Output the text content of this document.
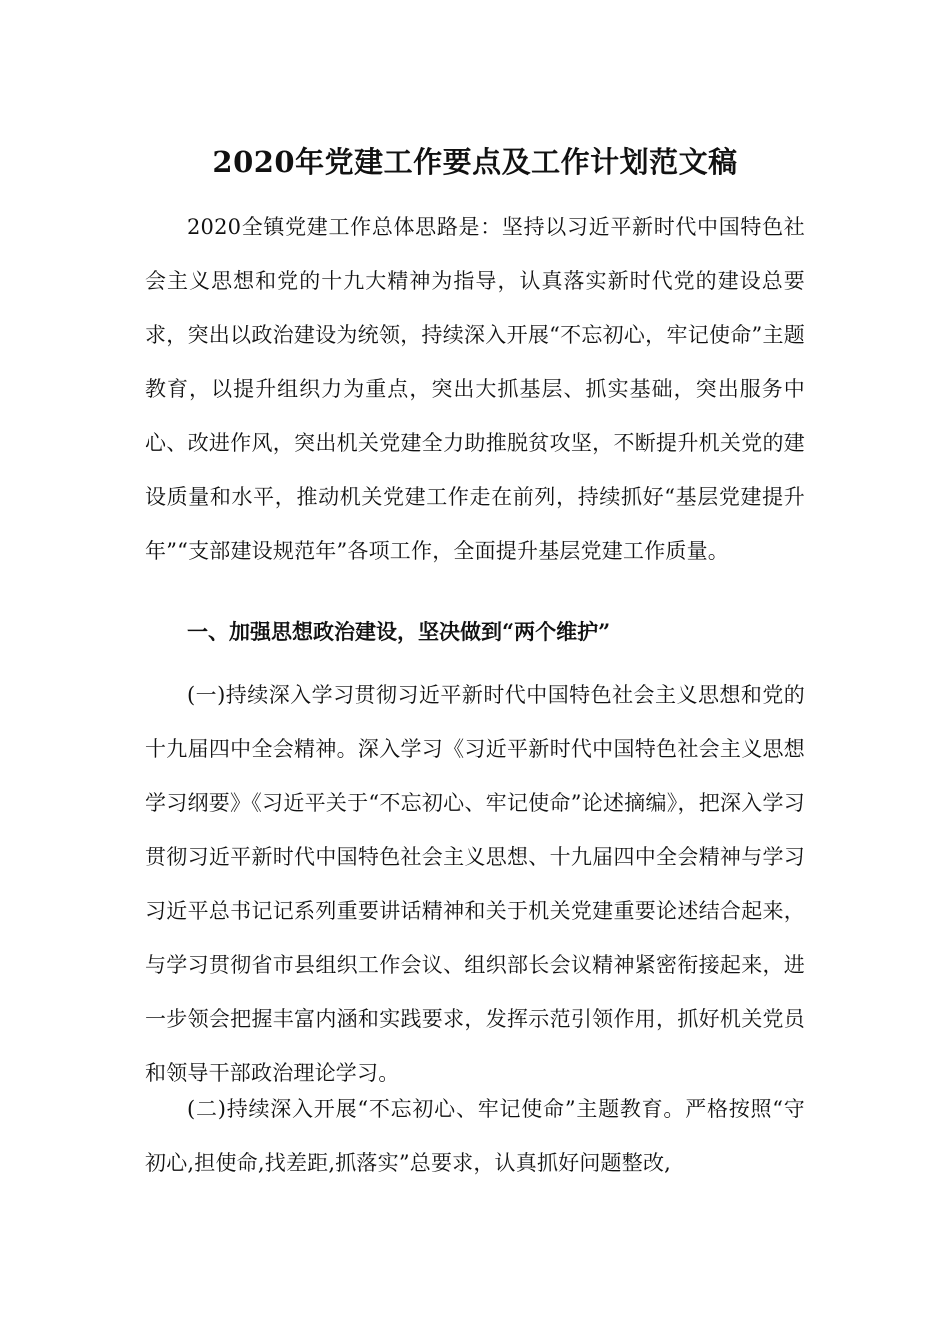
2020年党建工作要点及工作计划范文稿

2020全镇党建工作总体思路是：坚持以习近平新时代中国特色社会主义思想和党的十九大精神为指导，认真落实新时代党的建设总要求，突出以政治建设为统领，持续深入开展“不忘初心，牢记使命”主题教育，以提升组织力为重点，突出大抓基层、抓实基础，突出服务中心、改进作风，突出机关党建全力助推脱贫攻坚，不断提升机关党的建设质量和水平，推动机关党建工作走在前列，持续抓好“基层党建提升年”“支部建设规范年”各项工作，全面提升基层党建工作质量。

一、加强思想政治建设，坚决做到“两个维护”

(一)持续深入学习贯彻习近平新时代中国特色社会主义思想和党的十九届四中全会精神。深入学习《习近平新时代中国特色社会主义思想学习纲要》《习近平关于“不忘初心、牢记使命”论述摘编》，把深入学习贯彻习近平新时代中国特色社会主义思想、十九届四中全会精神与学习习近平总书记记系列重要讲话精神和关于机关党建重要论述结合起来，与学习贯彻省市县组织工作会议、组织部长会议精神紧密衔接起来，进一步领会把握丰富内涵和实践要求，发挥示范引领作用，抓好机关党员和领导干部政治理论学习。

(二)持续深入开展“不忘初心、牢记使命”主题教育。严格按照“守初心,担使命,找差距,抓落实”总要求，认真抓好问题整改,
